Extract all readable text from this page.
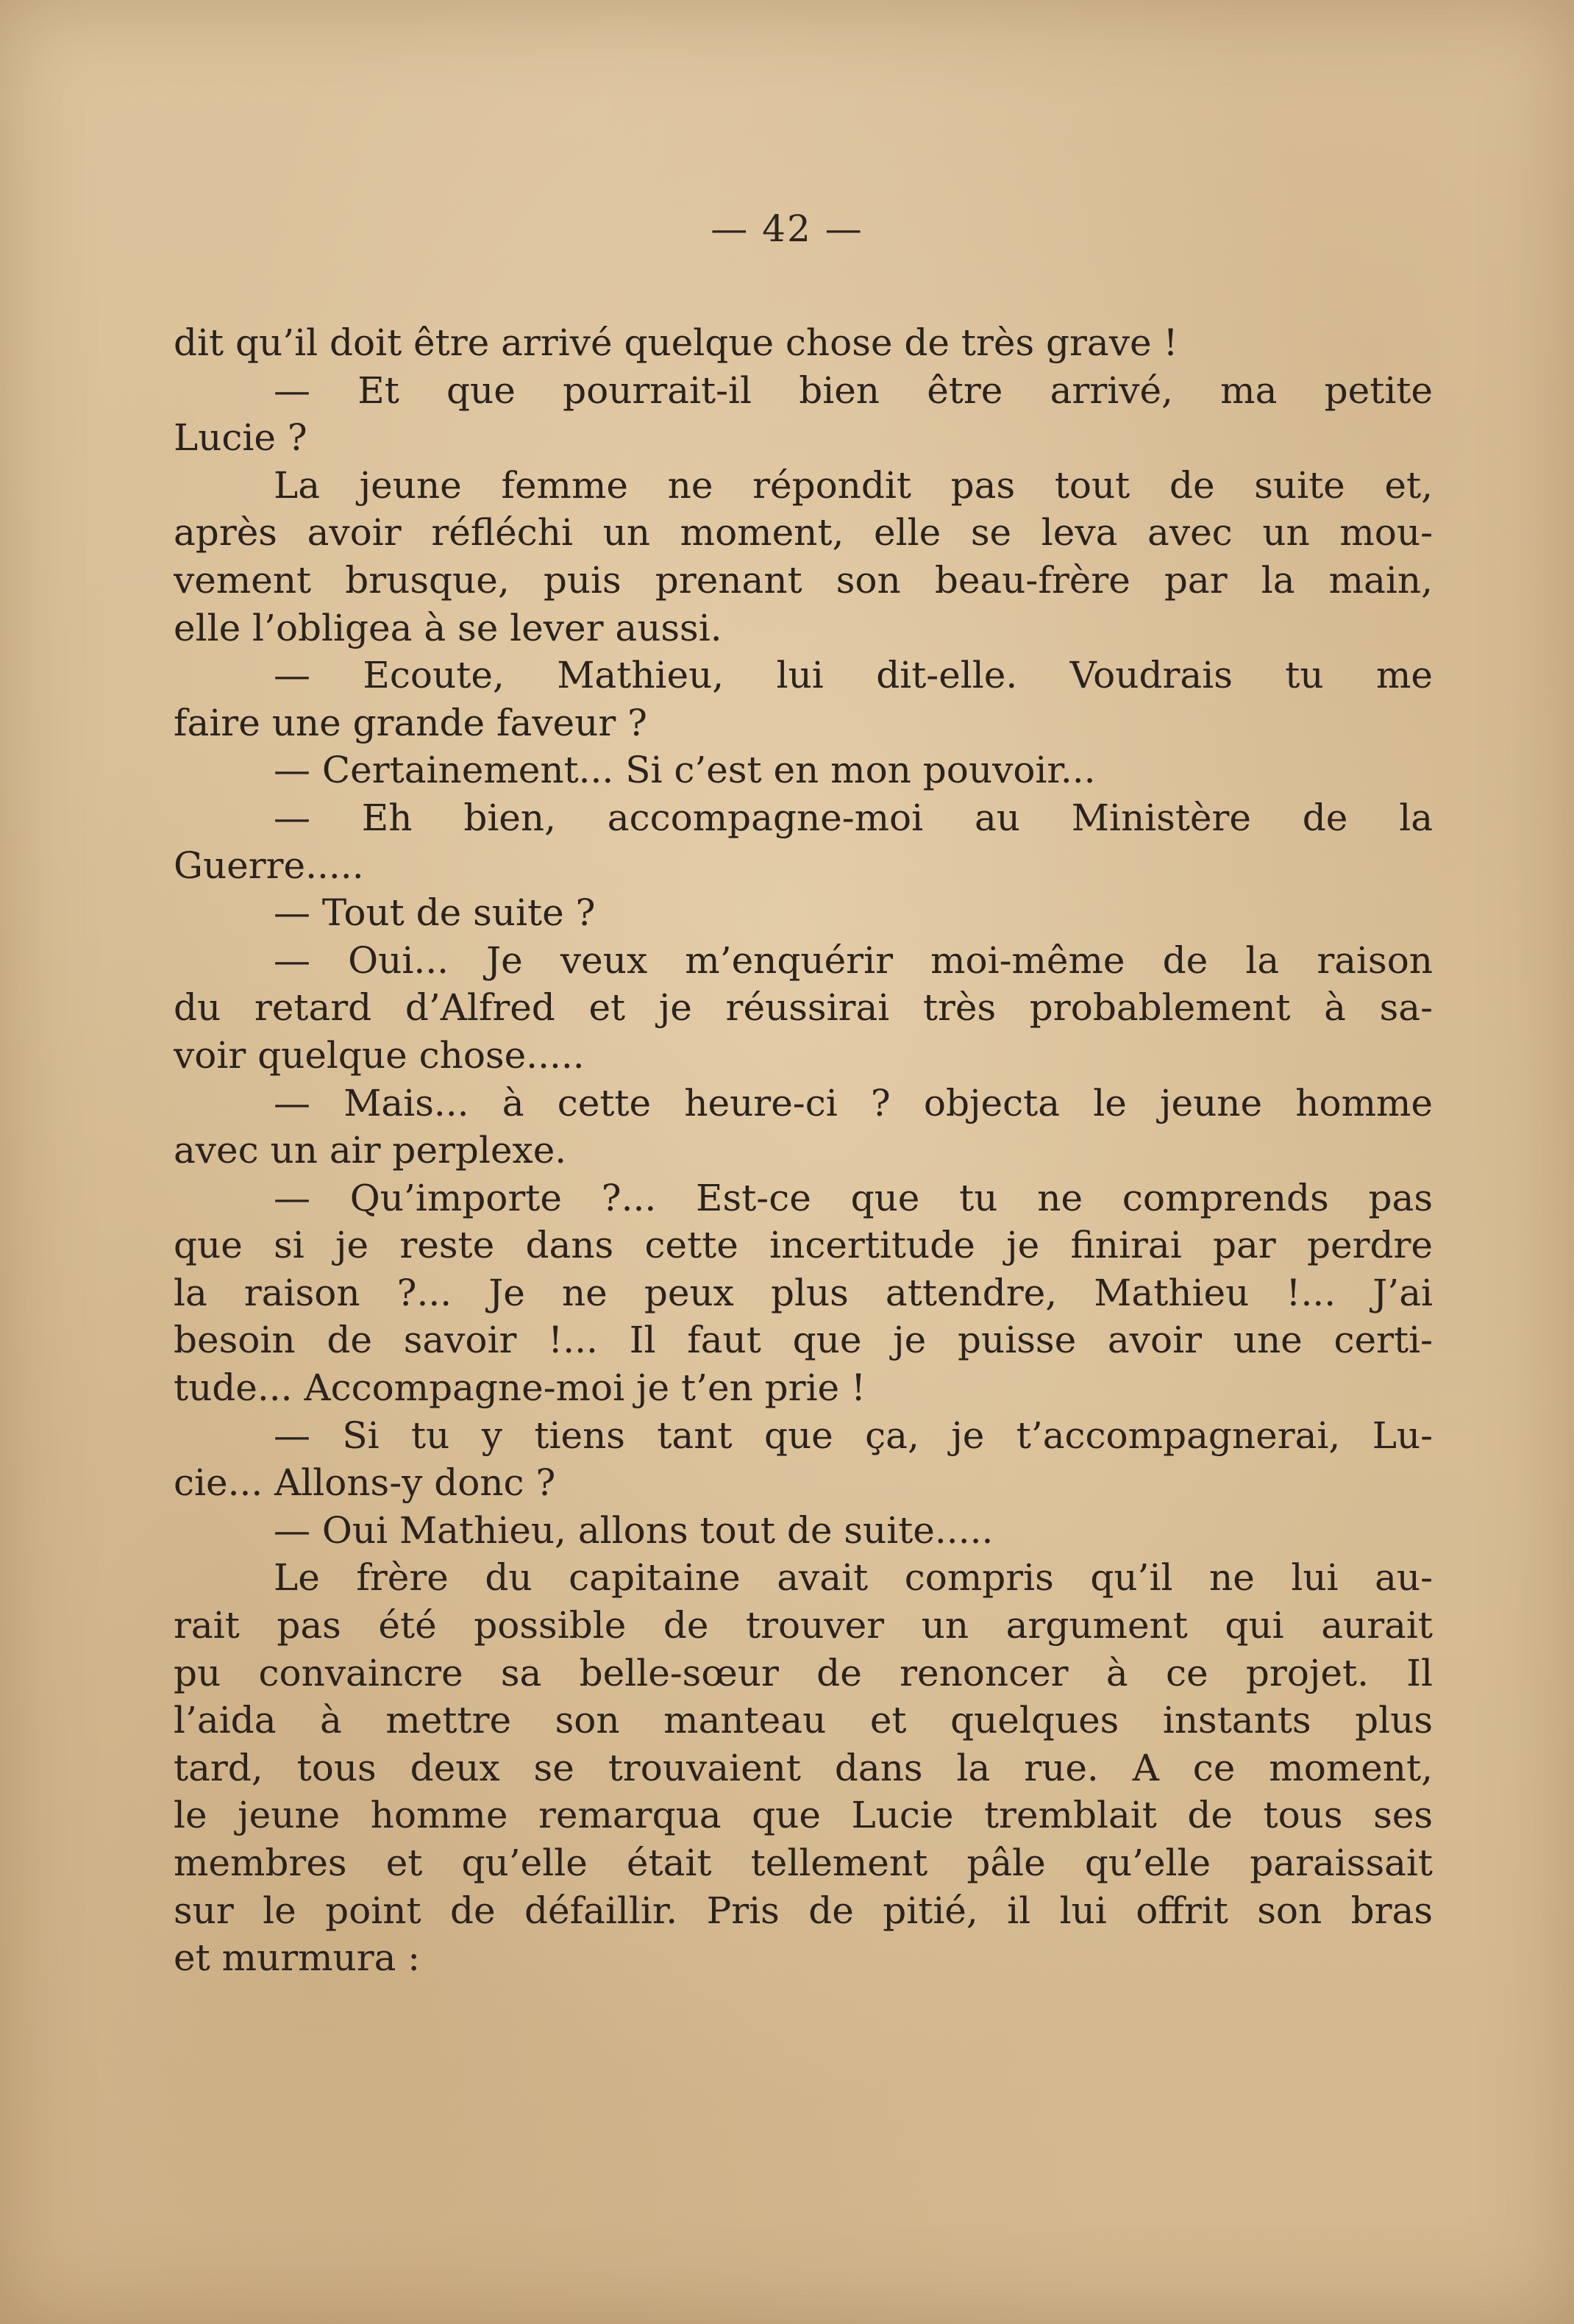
— 42 —
dit qu’il doit être arrivé quelque chose de très grave !
— Et que pourrait-il bien être arrivé, ma petite
Lucie ?
La jeune femme ne répondit pas tout de suite et,
après avoir réfléchi un moment, elle se leva avec un mou-
vement brusque, puis prenant son beau-frère par la main,
elle l’obligea à se lever aussi.
— Ecoute, Mathieu, lui dit-elle. Voudrais tu me
faire une grande faveur ?
— Certainement... Si c’est en mon pouvoir...
— Eh bien, accompagne-moi au Ministère de la
Guerre.....
— Tout de suite ?
— Oui... Je veux m’enquérir moi-même de la raison
du retard d’Alfred et je réussirai très probablement à sa-
voir quelque chose.....
— Mais... à cette heure-ci ? objecta le jeune homme
avec un air perplexe.
— Qu’importe ?... Est-ce que tu ne comprends pas
que si je reste dans cette incertitude je finirai par perdre
la raison ?... Je ne peux plus attendre, Mathieu !... J’ai
besoin de savoir !... Il faut que je puisse avoir une certi-
tude... Accompagne-moi je t’en prie !
— Si tu y tiens tant que ça, je t’accompagnerai, Lu-
cie... Allons-y donc ?
— Oui Mathieu, allons tout de suite.....
Le frère du capitaine avait compris qu’il ne lui au-
rait pas été possible de trouver un argument qui aurait
pu convaincre sa belle-sœur de renoncer à ce projet. Il
l’aida à mettre son manteau et quelques instants plus
tard, tous deux se trouvaient dans la rue. A ce moment,
le jeune homme remarqua que Lucie tremblait de tous ses
membres et qu’elle était tellement pâle qu’elle paraissait
sur le point de défaillir. Pris de pitié, il lui offrit son bras
et murmura :
